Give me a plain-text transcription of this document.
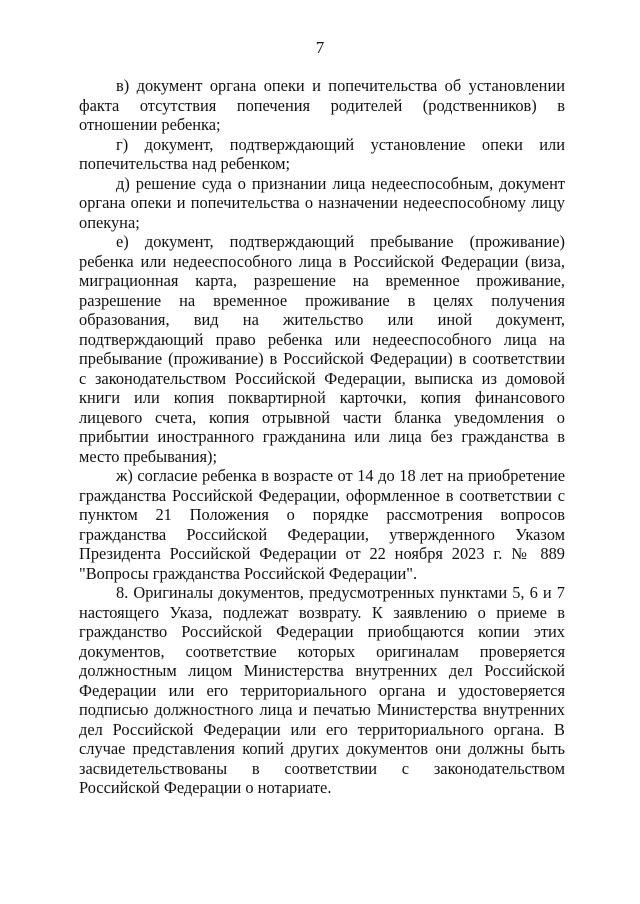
7

в) документ органа опеки и попечительства об установлении факта отсутствия попечения родителей (родственников) в отношении ребенка;

г) документ, подтверждающий установление опеки или попечительства над ребенком;

д) решение суда о признании лица недееспособным, документ органа опеки и попечительства о назначении недееспособному лицу опекуна;

е) документ, подтверждающий пребывание (проживание) ребенка или недееспособного лица в Российской Федерации (виза, миграционная карта, разрешение на временное проживание, разрешение на временное проживание в целях получения образования, вид на жительство или иной документ, подтверждающий право ребенка или недееспособного лица на пребывание (проживание) в Российской Федерации) в соответствии с законодательством Российской Федерации, выписка из домовой книги или копия поквартирной карточки, копия финансового лицевого счета, копия отрывной части бланка уведомления о прибытии иностранного гражданина или лица без гражданства в место пребывания);

ж) согласие ребенка в возрасте от 14 до 18 лет на приобретение гражданства Российской Федерации, оформленное в соответствии с пунктом 21 Положения о порядке рассмотрения вопросов гражданства Российской Федерации, утвержденного Указом Президента Российской Федерации от 22 ноября 2023 г. № 889 "Вопросы гражданства Российской Федерации".

8. Оригиналы документов, предусмотренных пунктами 5, 6 и 7 настоящего Указа, подлежат возврату. К заявлению о приеме в гражданство Российской Федерации приобщаются копии этих документов, соответствие которых оригиналам проверяется должностным лицом Министерства внутренних дел Российской Федерации или его территориального органа и удостоверяется подписью должностного лица и печатью Министерства внутренних дел Российской Федерации или его территориального органа. В случае представления копий других документов они должны быть засвидетельствованы в соответствии с законодательством Российской Федерации о нотариате.
